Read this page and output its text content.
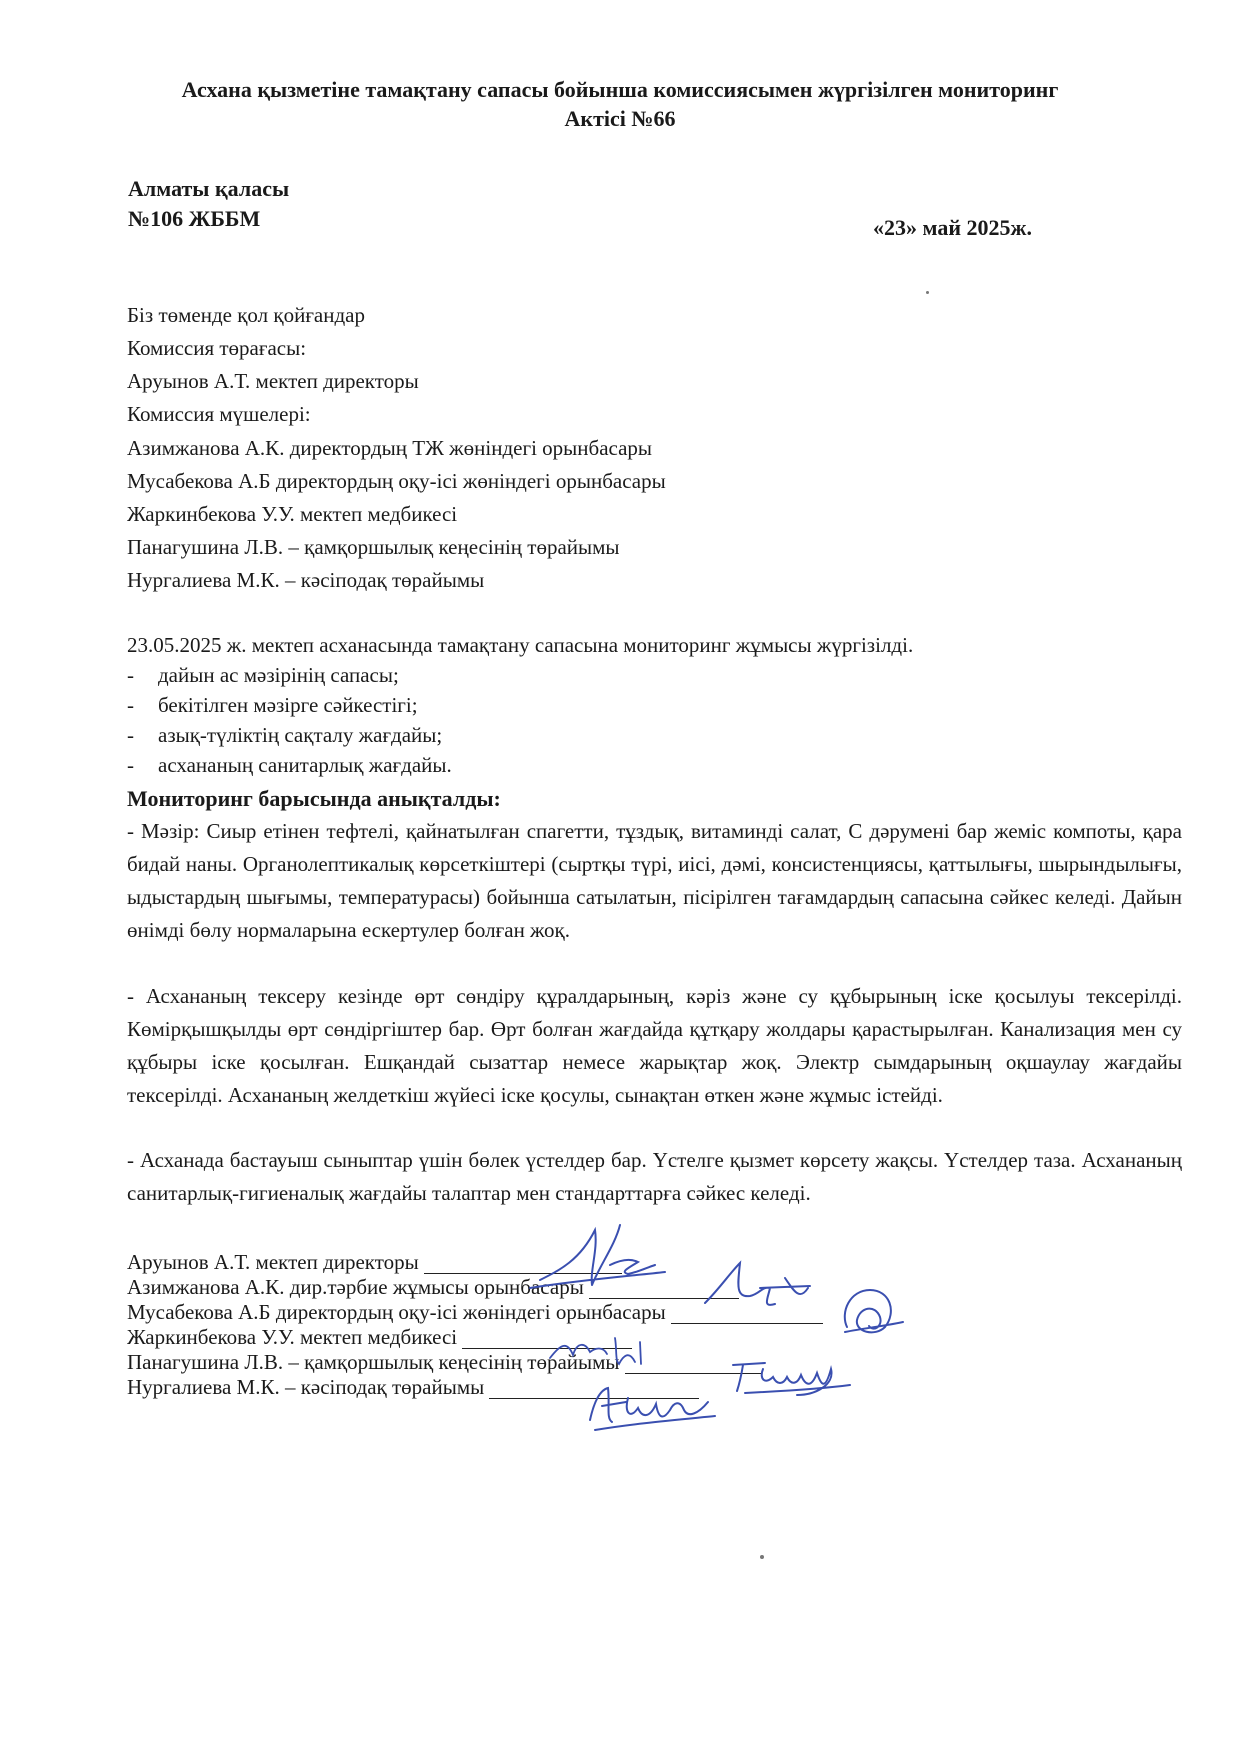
Асхана қызметіне тамақтану сапасы бойынша комиссиясымен жүргізілген мониторинг
Актісі №66
Алматы қаласы
№106 ЖББМ	«23» май 2025ж.
Біз төменде қол қойғандар
Комиссия төрағасы:
Аруынов А.Т. мектеп директоры
Комиссия мүшелері:
Азимжанова А.К. директордың ТЖ жөніндегі орынбасары
Мусабекова А.Б директордың оқу-ісі жөніндегі орынбасары
Жаркинбекова У.У. мектеп медбикесі
Панагушина Л.В. – қамқоршылық кеңесінің төрайымы
Нургалиева М.К. – кәсіподақ төрайымы
23.05.2025 ж. мектеп асханасында тамақтану сапасына мониторинг жұмысы жүргізілді.
- дайын ас мәзірінің сапасы;
- бекітілген мәзірге сәйкестігі;
- азық-түліктің сақталу жағдайы;
- асхананың санитарлық жағдайы.
Мониторинг барысында анықталды:
- Мәзір: Сиыр етінен тефтелі, қайнатылған спагетти, тұздық, витаминді салат, С дәрумені бар жеміс компоты, қара бидай наны. Органолептикалық көрсеткіштері (сыртқы түрі, иісі, дәмі, консистенциясы, қаттылығы, шырындылығы, ыдыстардың шығымы, температурасы) бойынша сатылатын, пісірілген тағамдардың сапасына сәйкес келеді. Дайын өнімді бөлу нормаларына ескертулер болған жоқ.
- Асхананың тексеру кезінде өрт сөндіру құралдарының, кәріз және су құбырының іске қосылуы тексерілді. Көмірқышқылды өрт сөндіргіштер бар. Өрт болған жағдайда құтқару жолдары қарастырылған. Канализация мен су құбыры іске қосылған. Ешқандай сызаттар немесе жарықтар жоқ. Электр сымдарының оқшаулау жағдайы тексерілді. Асхананың желдеткіш жүйесі іске қосулы, сынақтан өткен және жұмыс істейді.
- Асханада бастауыш сыныптар үшін бөлек үстелдер бар. Үстелге қызмет көрсету жақсы. Үстелдер таза. Асхананың санитарлық-гигиеналық жағдайы талаптар мен стандарттарға сәйкес келеді.
Аруынов А.Т. мектеп директоры
Азимжанова А.К. дир.тәрбие жұмысы орынбасары
Мусабекова А.Б директордың оқу-ісі жөніндегі орынбасары
Жаркинбекова У.У. мектеп медбикесі
Панагушина Л.В. – қамқоршылық кеңесінің төрайымы
Нургалиева М.К. – кәсіподақ төрайымы
